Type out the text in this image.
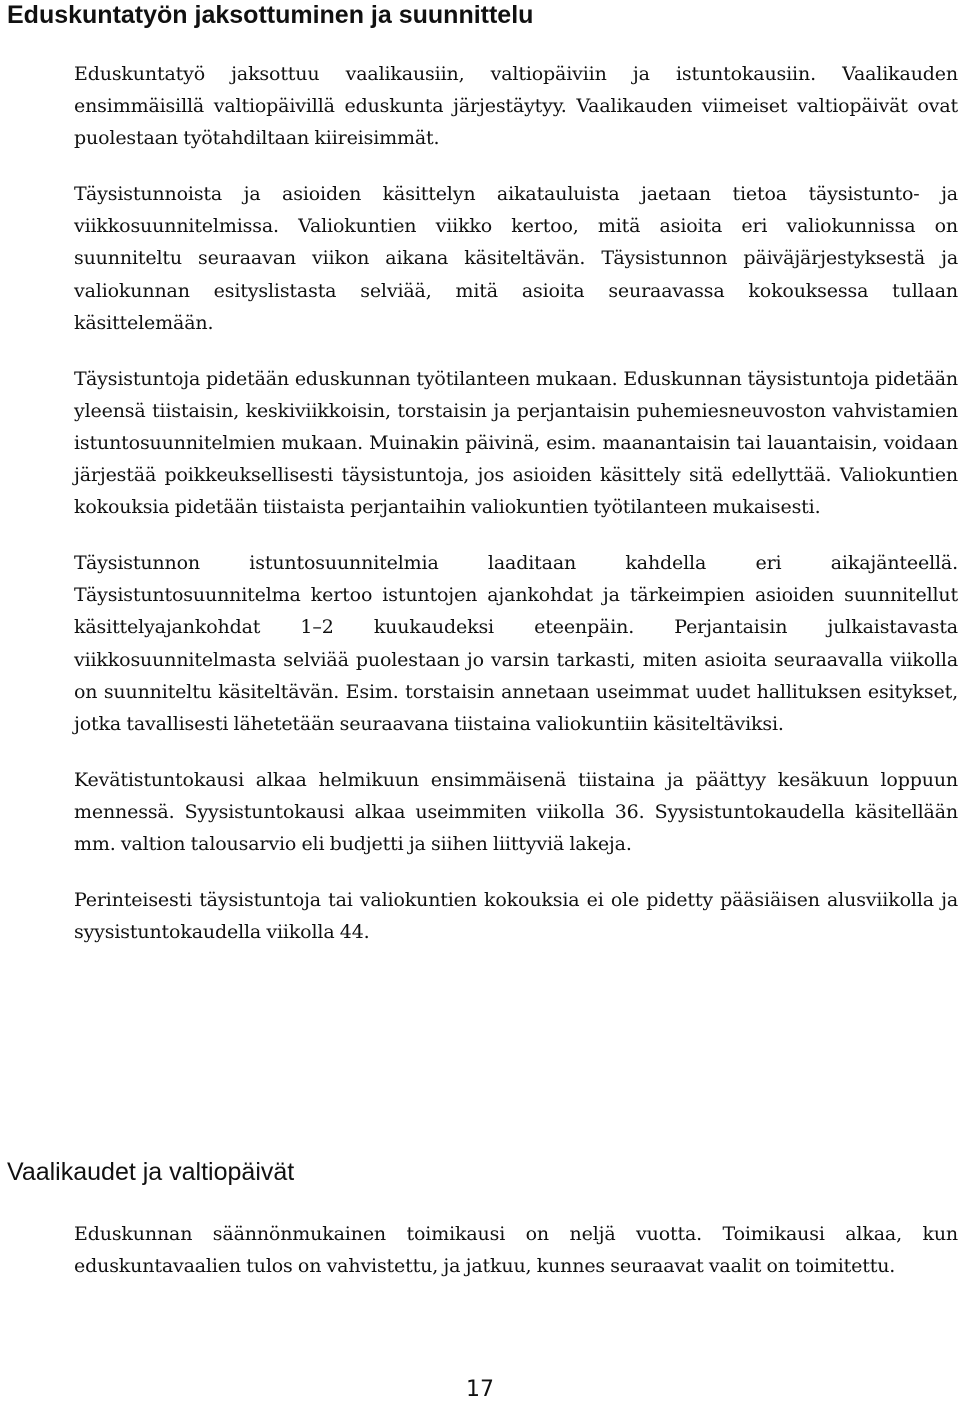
Eduskuntatyön jaksottuminen ja suunnittelu

Eduskuntatyö jaksottuu vaalikausiin, valtiopäiviin ja istuntokausiin. Vaalikauden ensimmäisillä valtiopäivillä eduskunta järjestäytyy. Vaalikauden viimeiset valtiopäivät ovat puolestaan työtahdiltaan kiireisimmät.

Täysistunnoista ja asioiden käsittelyn aikatauluista jaetaan tietoa täysistunto- ja viikkosuunnitelmissa. Valiokuntien viikko kertoo, mitä asioita eri valiokunnissa on suunniteltu seuraavan viikon aikana käsiteltävän. Täysistunnon päiväjärjestyksestä ja valiokunnan esityslistasta selviää, mitä asioita seuraavassa kokouksessa tullaan käsittelemään.

Täysistuntoja pidetään eduskunnan työtilanteen mukaan. Eduskunnan täysistuntoja pidetään yleensä tiistaisin, keskiviikkoisin, torstaisin ja perjantaisin puhemiesneuvoston vahvistamien istuntosuunnitelmien mukaan. Muinakin päivinä, esim. maanantaisin tai lauantaisin, voidaan järjestää poikkeuksellisesti täysistuntoja, jos asioiden käsittely sitä edellyttää. Valiokuntien kokouksia pidetään tiistaista perjantaihin valiokuntien työtilanteen mukaisesti.

Täysistunnon istuntosuunnitelmia laaditaan kahdella eri aikajänteellä. Täysistuntosuunnitelma kertoo istuntojen ajankohdat ja tärkeimpien asioiden suunnitellut käsittelyajankohdat 1–2 kuukaudeksi eteenpäin. Perjantaisin julkaistavasta viikkosuunnitelmasta selviää puolestaan jo varsin tarkasti, miten asioita seuraavalla viikolla on suunniteltu käsiteltävän. Esim. torstaisin annetaan useimmat uudet hallituksen esitykset, jotka tavallisesti lähetetään seuraavana tiistaina valiokuntiin käsiteltäviksi.

Kevätistuntokausi alkaa helmikuun ensimmäisenä tiistaina ja päättyy kesäkuun loppuun mennessä. Syysistuntokausi alkaa useimmiten viikolla 36. Syysistuntokaudella käsitellään mm. valtion talousarvio eli budjetti ja siihen liittyviä lakeja.

Perinteisesti täysistuntoja tai valiokuntien kokouksia ei ole pidetty pääsiäisen alusviikolla ja syysistuntokaudella viikolla 44.

Vaalikaudet ja valtiopäivät

Eduskunnan säännönmukainen toimikausi on neljä vuotta. Toimikausi alkaa, kun eduskuntavaalien tulos on vahvistettu, ja jatkuu, kunnes seuraavat vaalit on toimitettu.

17
